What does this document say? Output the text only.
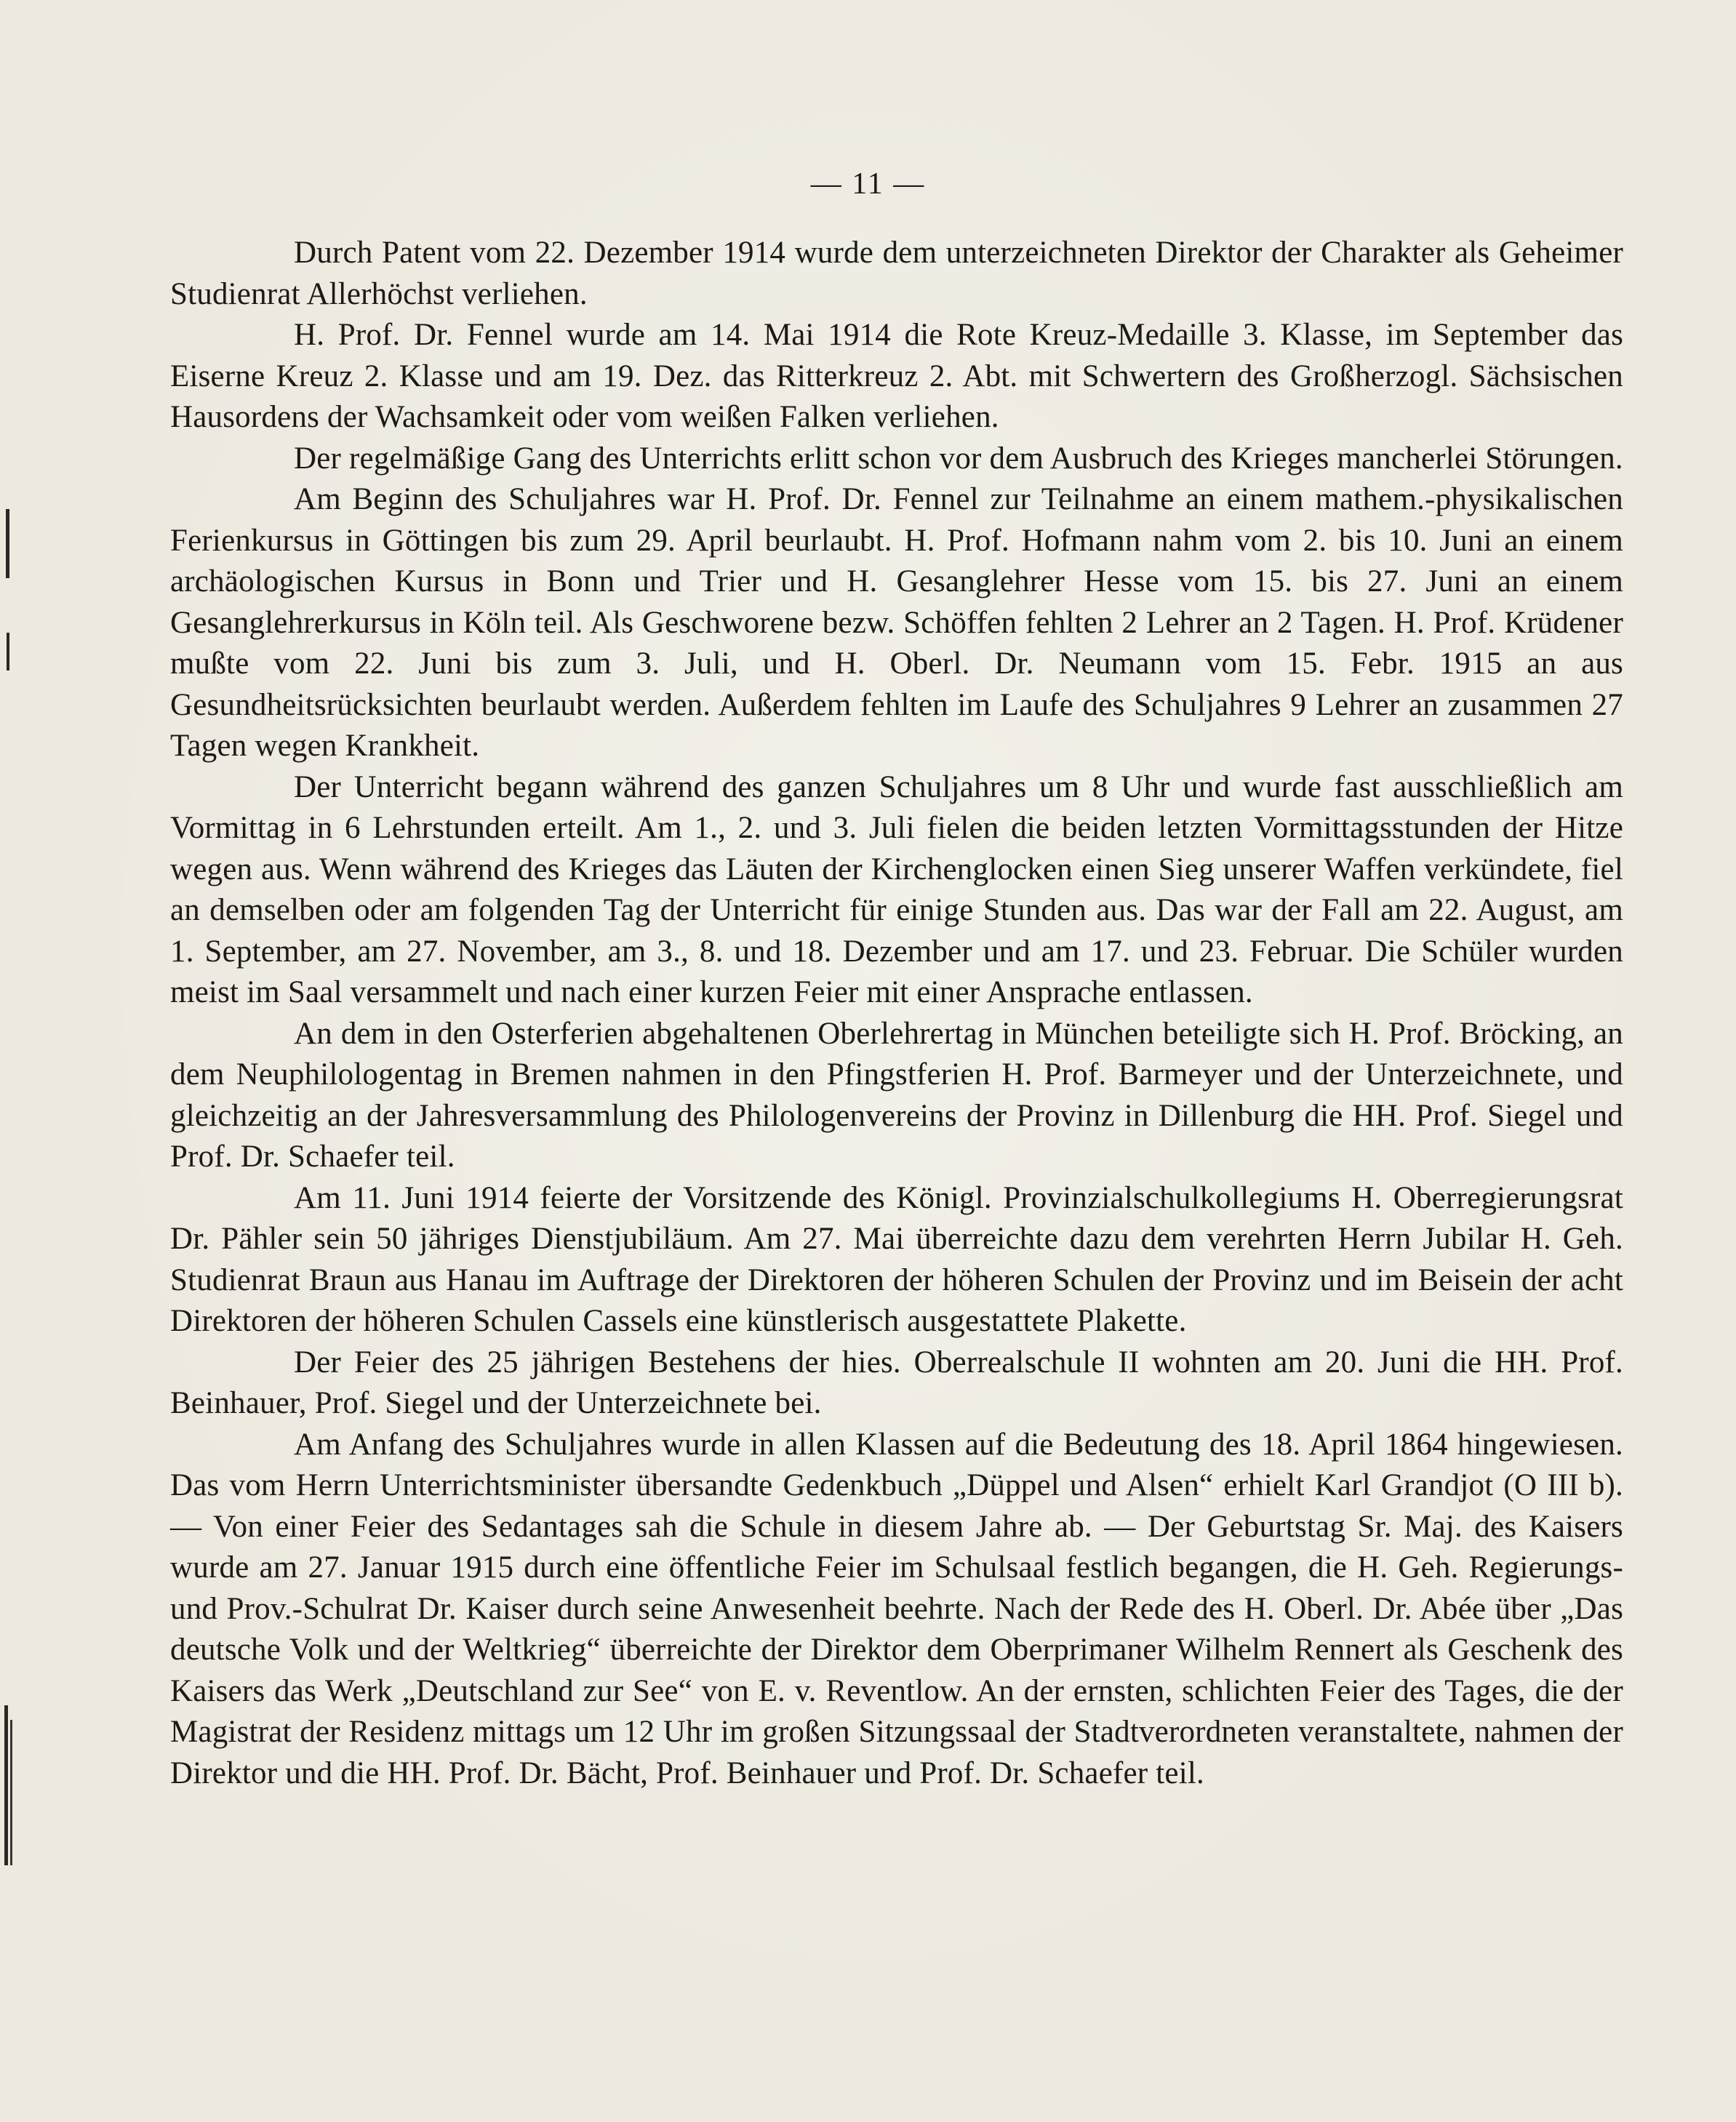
— 11 —

Durch Patent vom 22. Dezember 1914 wurde dem unterzeichneten Direktor der Charakter als Geheimer Studienrat Allerhöchst verliehen.

H. Prof. Dr. Fennel wurde am 14. Mai 1914 die Rote Kreuz-Medaille 3. Klasse, im September das Eiserne Kreuz 2. Klasse und am 19. Dez. das Ritterkreuz 2. Abt. mit Schwertern des Großherzogl. Sächsischen Hausordens der Wachsamkeit oder vom weißen Falken verliehen.

Der regelmäßige Gang des Unterrichts erlitt schon vor dem Ausbruch des Krieges mancherlei Störungen.

Am Beginn des Schuljahres war H. Prof. Dr. Fennel zur Teilnahme an einem mathem.-physikalischen Ferienkursus in Göttingen bis zum 29. April beurlaubt. H. Prof. Hofmann nahm vom 2. bis 10. Juni an einem archäologischen Kursus in Bonn und Trier und H. Gesanglehrer Hesse vom 15. bis 27. Juni an einem Gesanglehrerkursus in Köln teil. Als Geschworene bezw. Schöffen fehlten 2 Lehrer an 2 Tagen. H. Prof. Krüdener mußte vom 22. Juni bis zum 3. Juli, und H. Oberl. Dr. Neumann vom 15. Febr. 1915 an aus Gesundheitsrücksichten beurlaubt werden. Außerdem fehlten im Laufe des Schuljahres 9 Lehrer an zusammen 27 Tagen wegen Krankheit.

Der Unterricht begann während des ganzen Schuljahres um 8 Uhr und wurde fast ausschließlich am Vormittag in 6 Lehrstunden erteilt. Am 1., 2. und 3. Juli fielen die beiden letzten Vormittagsstunden der Hitze wegen aus. Wenn während des Krieges das Läuten der Kirchenglocken einen Sieg unserer Waffen verkündete, fiel an demselben oder am folgenden Tag der Unterricht für einige Stunden aus. Das war der Fall am 22. August, am 1. September, am 27. November, am 3., 8. und 18. Dezember und am 17. und 23. Februar. Die Schüler wurden meist im Saal versammelt und nach einer kurzen Feier mit einer Ansprache entlassen.

An dem in den Osterferien abgehaltenen Oberlehrertag in München beteiligte sich H. Prof. Bröcking, an dem Neuphilologentag in Bremen nahmen in den Pfingstferien H. Prof. Barmeyer und der Unterzeichnete, und gleichzeitig an der Jahresversammlung des Philologenvereins der Provinz in Dillenburg die HH. Prof. Siegel und Prof. Dr. Schaefer teil.

Am 11. Juni 1914 feierte der Vorsitzende des Königl. Provinzialschulkollegiums H. Oberregierungsrat Dr. Pähler sein 50 jähriges Dienstjubiläum. Am 27. Mai überreichte dazu dem verehrten Herrn Jubilar H. Geh. Studienrat Braun aus Hanau im Auftrage der Direktoren der höheren Schulen der Provinz und im Beisein der acht Direktoren der höheren Schulen Cassels eine künstlerisch ausgestattete Plakette.

Der Feier des 25 jährigen Bestehens der hies. Oberrealschule II wohnten am 20. Juni die HH. Prof. Beinhauer, Prof. Siegel und der Unterzeichnete bei.

Am Anfang des Schuljahres wurde in allen Klassen auf die Bedeutung des 18. April 1864 hingewiesen. Das vom Herrn Unterrichtsminister übersandte Gedenkbuch „Düppel und Alsen“ erhielt Karl Grandjot (O III b). — Von einer Feier des Sedantages sah die Schule in diesem Jahre ab. — Der Geburtstag Sr. Maj. des Kaisers wurde am 27. Januar 1915 durch eine öffentliche Feier im Schulsaal festlich begangen, die H. Geh. Regierungs- und Prov.-Schulrat Dr. Kaiser durch seine Anwesenheit beehrte. Nach der Rede des H. Oberl. Dr. Abée über „Das deutsche Volk und der Weltkrieg“ überreichte der Direktor dem Oberprimaner Wilhelm Rennert als Geschenk des Kaisers das Werk „Deutschland zur See“ von E. v. Reventlow. An der ernsten, schlichten Feier des Tages, die der Magistrat der Residenz mittags um 12 Uhr im großen Sitzungssaal der Stadtverordneten veranstaltete, nahmen der Direktor und die HH. Prof. Dr. Bächt, Prof. Beinhauer und Prof. Dr. Schaefer teil.
